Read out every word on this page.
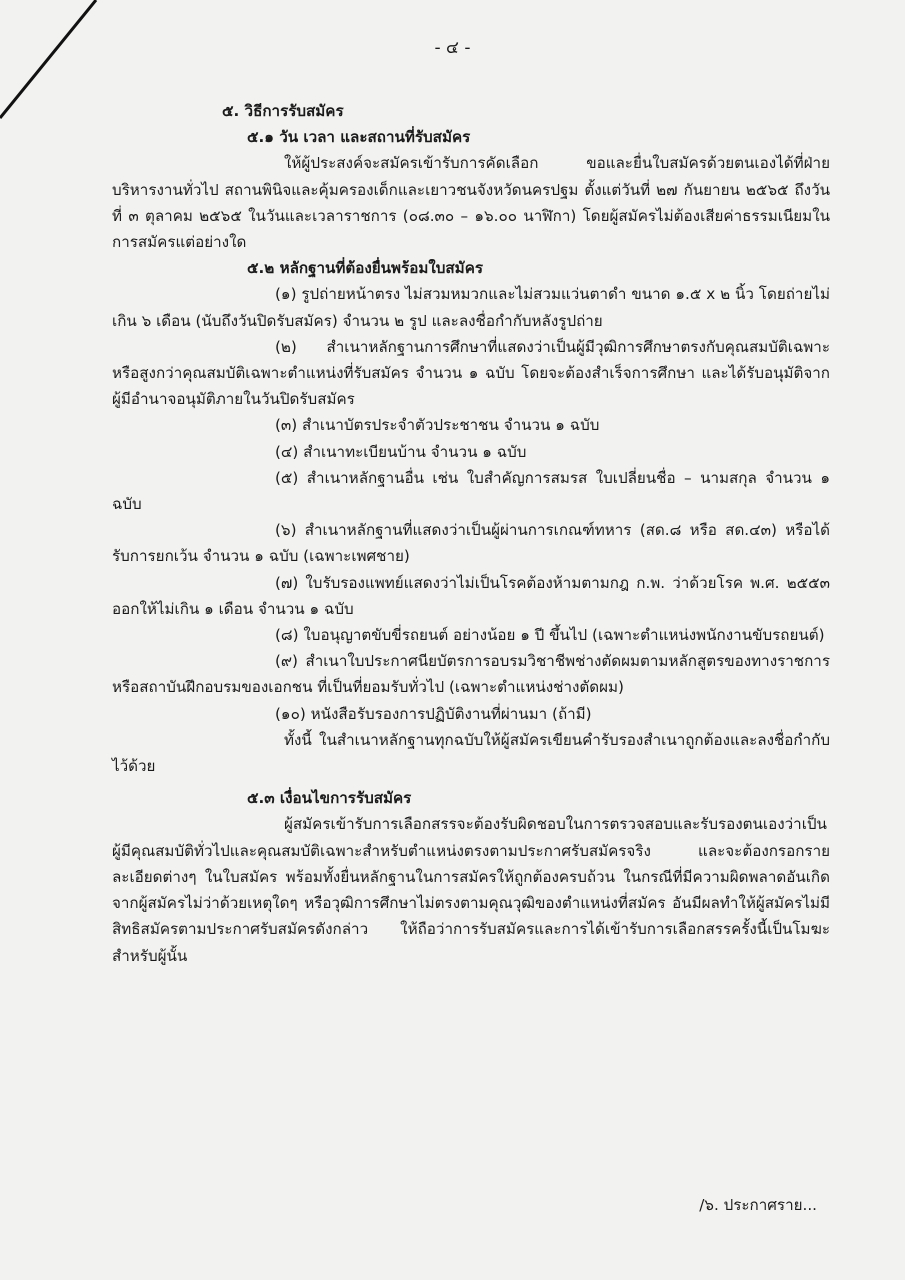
- ๔ -

๕. วิธีการรับสมัคร

๕.๑ วัน เวลา และสถานที่รับสมัคร

ให้ผู้ประสงค์จะสมัครเข้ารับการคัดเลือก ขอและยื่นใบสมัครด้วยตนเองได้ที่ฝ่ายบริหารงานทั่วไป สถานพินิจและคุ้มครองเด็กและเยาวชนจังหวัดนครปฐม ตั้งแต่วันที่ ๒๗ กันยายน ๒๕๖๕ ถึงวันที่ ๓ ตุลาคม ๒๕๖๕ ในวันและเวลาราชการ (๐๘.๓๐ – ๑๖.๐๐ นาฬิกา) โดยผู้สมัครไม่ต้องเสียค่าธรรมเนียมในการสมัครแต่อย่างใด

๕.๒ หลักฐานที่ต้องยื่นพร้อมใบสมัคร

(๑) รูปถ่ายหน้าตรง ไม่สวมหมวกและไม่สวมแว่นตาดำ ขนาด ๑.๕ x ๒ นิ้ว โดยถ่ายไม่เกิน ๖ เดือน (นับถึงวันปิดรับสมัคร) จำนวน ๒ รูป และลงชื่อกำกับหลังรูปถ่าย

(๒) สำเนาหลักฐานการศึกษาที่แสดงว่าเป็นผู้มีวุฒิการศึกษาตรงกับคุณสมบัติเฉพาะหรือสูงกว่าคุณสมบัติเฉพาะตำแหน่งที่รับสมัคร จำนวน ๑ ฉบับ โดยจะต้องสำเร็จการศึกษา และได้รับอนุมัติจากผู้มีอำนาจอนุมัติภายในวันปิดรับสมัคร

(๓) สำเนาบัตรประจำตัวประชาชน จำนวน ๑ ฉบับ

(๔) สำเนาทะเบียนบ้าน จำนวน ๑ ฉบับ

(๕) สำเนาหลักฐานอื่น เช่น ใบสำคัญการสมรส ใบเปลี่ยนชื่อ – นามสกุล จำนวน ๑ ฉบับ

(๖) สำเนาหลักฐานที่แสดงว่าเป็นผู้ผ่านการเกณฑ์ทหาร (สด.๘ หรือ สด.๔๓) หรือได้รับการยกเว้น จำนวน ๑ ฉบับ (เฉพาะเพศชาย)

(๗) ใบรับรองแพทย์แสดงว่าไม่เป็นโรคต้องห้ามตามกฎ ก.พ. ว่าด้วยโรค พ.ศ. ๒๕๕๓ ออกให้ไม่เกิน ๑ เดือน จำนวน ๑ ฉบับ

(๘) ใบอนุญาตขับขี่รถยนต์ อย่างน้อย ๑ ปี ขึ้นไป (เฉพาะตำแหน่งพนักงานขับรถยนต์)

(๙) สำเนาใบประกาศนียบัตรการอบรมวิชาชีพช่างตัดผมตามหลักสูตรของทางราชการหรือสถาบันฝึกอบรมของเอกชน ที่เป็นที่ยอมรับทั่วไป (เฉพาะตำแหน่งช่างตัดผม)

(๑๐) หนังสือรับรองการปฏิบัติงานที่ผ่านมา (ถ้ามี)

ทั้งนี้ ในสำเนาหลักฐานทุกฉบับให้ผู้สมัครเขียนคำรับรองสำเนาถูกต้องและลงชื่อกำกับไว้ด้วย

๕.๓ เงื่อนไขการรับสมัคร

ผู้สมัครเข้ารับการเลือกสรรจะต้องรับผิดชอบในการตรวจสอบและรับรองตนเองว่าเป็นผู้มีคุณสมบัติทั่วไปและคุณสมบัติเฉพาะสำหรับตำแหน่งตรงตามประกาศรับสมัครจริง และจะต้องกรอกรายละเอียดต่างๆ ในใบสมัคร พร้อมทั้งยื่นหลักฐานในการสมัครให้ถูกต้องครบถ้วน ในกรณีที่มีความผิดพลาดอันเกิดจากผู้สมัครไม่ว่าด้วยเหตุใดๆ หรือวุฒิการศึกษาไม่ตรงตามคุณวุฒิของตำแหน่งที่สมัคร อันมีผลทำให้ผู้สมัครไม่มีสิทธิสมัครตามประกาศรับสมัครดังกล่าว ให้ถือว่าการรับสมัครและการได้เข้ารับการเลือกสรรครั้งนี้เป็นโมฆะสำหรับผู้นั้น

/๖. ประกาศราย...
